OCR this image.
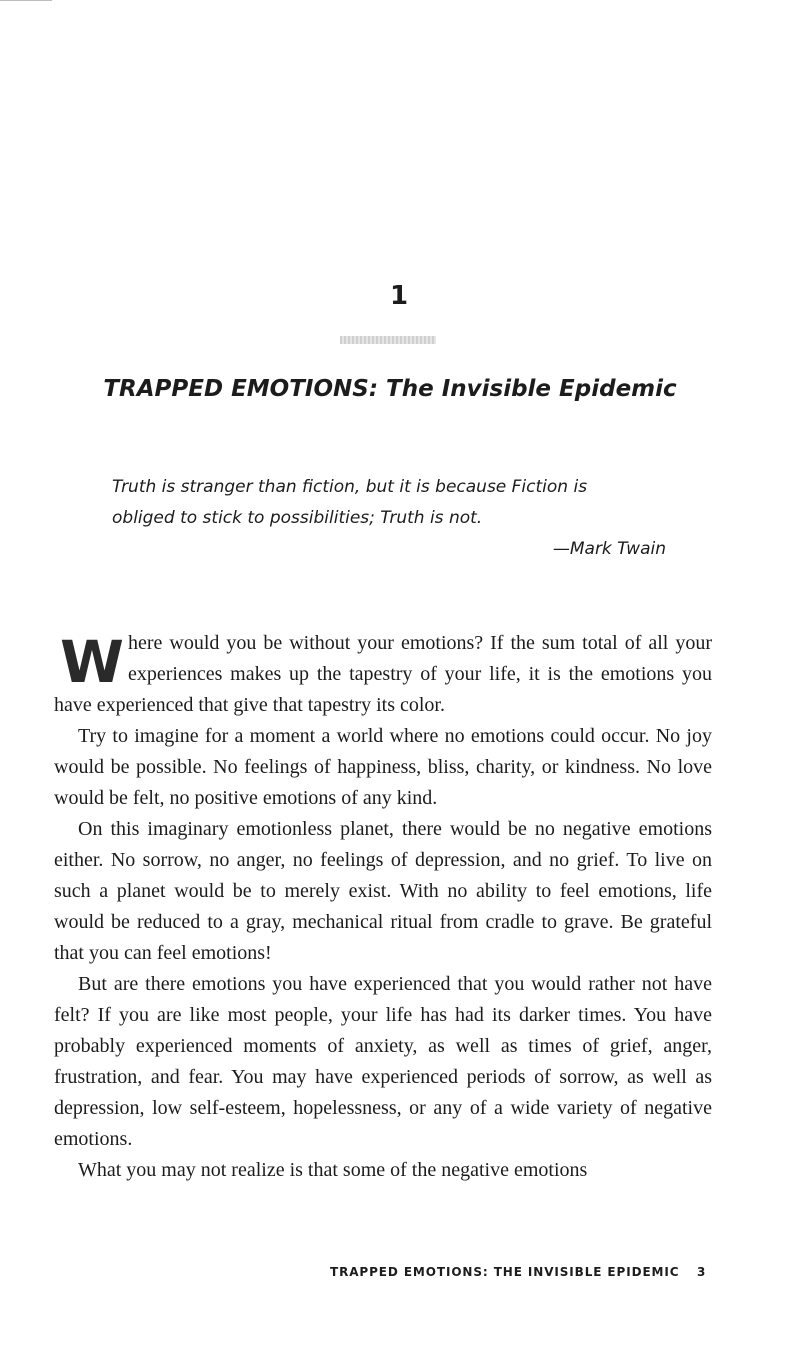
1
TRAPPED EMOTIONS: The Invisible Epidemic
Truth is stranger than fiction, but it is because Fiction is
obliged to stick to possibilities; Truth is not.
—Mark Twain

Where would you be without your emotions? If the sum total of all your experiences makes up the tapestry of your life, it is the emotions you have experienced that give that tapestry its color.

Try to imagine for a moment a world where no emotions could occur. No joy would be possible. No feelings of happiness, bliss, charity, or kindness. No love would be felt, no positive emotions of any kind.

On this imaginary emotionless planet, there would be no negative emotions either. No sorrow, no anger, no feelings of depression, and no grief. To live on such a planet would be to merely exist. With no ability to feel emotions, life would be reduced to a gray, mechanical ritual from cradle to grave. Be grateful that you can feel emotions!

But are there emotions you have experienced that you would rather not have felt? If you are like most people, your life has had its darker times. You have probably experienced moments of anxiety, as well as times of grief, anger, frustration, and fear. You may have experienced periods of sorrow, as well as depression, low self-esteem, hopelessness, or any of a wide variety of negative emotions.

What you may not realize is that some of the negative emotions

TRAPPED EMOTIONS: THE INVISIBLE EPIDEMIC 3
